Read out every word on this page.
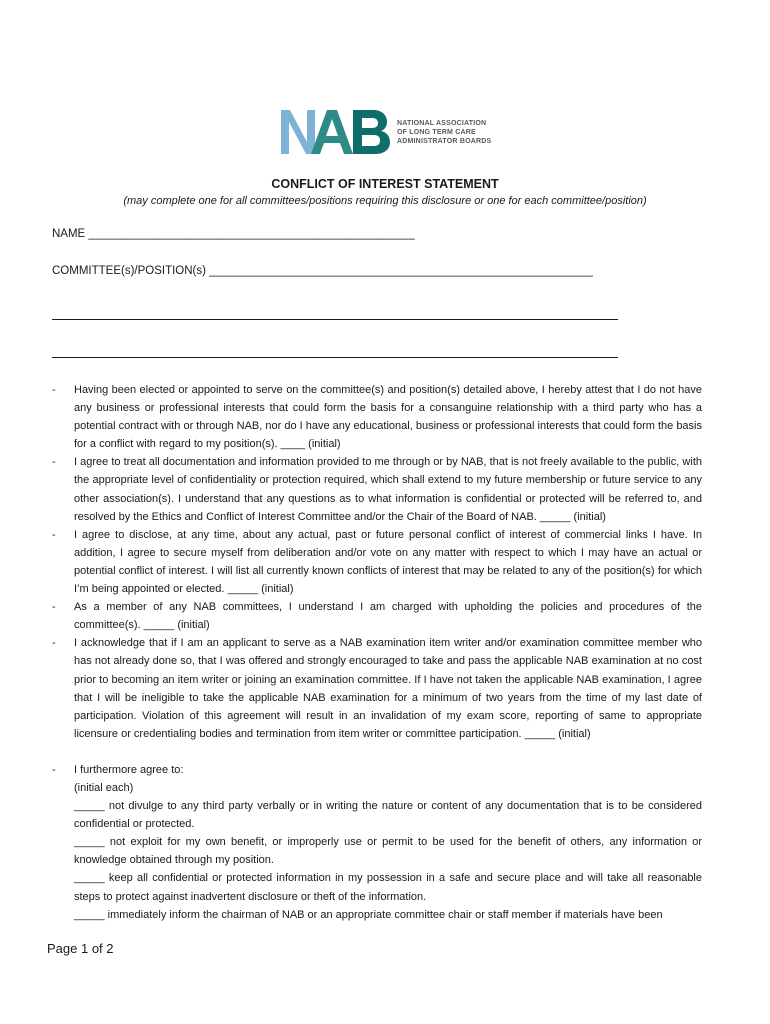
NATIONAL ASSOCIATION
OF LONG TERM CARE
ADMINISTRATOR BOARDS
CONFLICT OF INTEREST STATEMENT
(may complete one for all committees/positions requiring this disclosure or one for each committee/position)
NAME ___________________________________________________
COMMITTEE(s)/POSITION(s) ____________________________________________________________
- Having been elected or appointed to serve on the committee(s) and position(s) detailed above, I hereby attest that I do not have any business or professional interests that could form the basis for a consanguine relationship with a third party who has a potential contract with or through NAB, nor do I have any educational, business or professional interests that could form the basis for a conflict with regard to my position(s). ____ (initial)
- I agree to treat all documentation and information provided to me through or by NAB, that is not freely available to the public, with the appropriate level of confidentiality or protection required, which shall extend to my future membership or future service to any other association(s). I understand that any questions as to what information is confidential or protected will be referred to, and resolved by the Ethics and Conflict of Interest Committee and/or the Chair of the Board of NAB. _____ (initial)
- I agree to disclose, at any time, about any actual, past or future personal conflict of interest of commercial links I have. In addition, I agree to secure myself from deliberation and/or vote on any matter with respect to which I may have an actual or potential conflict of interest. I will list all currently known conflicts of interest that may be related to any of the position(s) for which I’m being appointed or elected. _____ (initial)
- As a member of any NAB committees, I understand I am charged with upholding the policies and procedures of the committee(s). _____ (initial)
- I acknowledge that if I am an applicant to serve as a NAB examination item writer and/or examination committee member who has not already done so, that I was offered and strongly encouraged to take and pass the applicable NAB examination at no cost prior to becoming an item writer or joining an examination committee. If I have not taken the applicable NAB examination, I agree that I will be ineligible to take the applicable NAB examination for a minimum of two years from the time of my last date of participation. Violation of this agreement will result in an invalidation of my exam score, reporting of same to appropriate licensure or credentialing bodies and termination from item writer or committee participation. _____ (initial)
- I furthermore agree to:
(initial each)
_____ not divulge to any third party verbally or in writing the nature or content of any documentation that is to be considered confidential or protected.
_____ not exploit for my own benefit, or improperly use or permit to be used for the benefit of others, any information or knowledge obtained through my position.
_____ keep all confidential or protected information in my possession in a safe and secure place and will take all reasonable steps to protect against inadvertent disclosure or theft of the information.
_____ immediately inform the chairman of NAB or an appropriate committee chair or staff member if materials have been
Page 1 of 2
